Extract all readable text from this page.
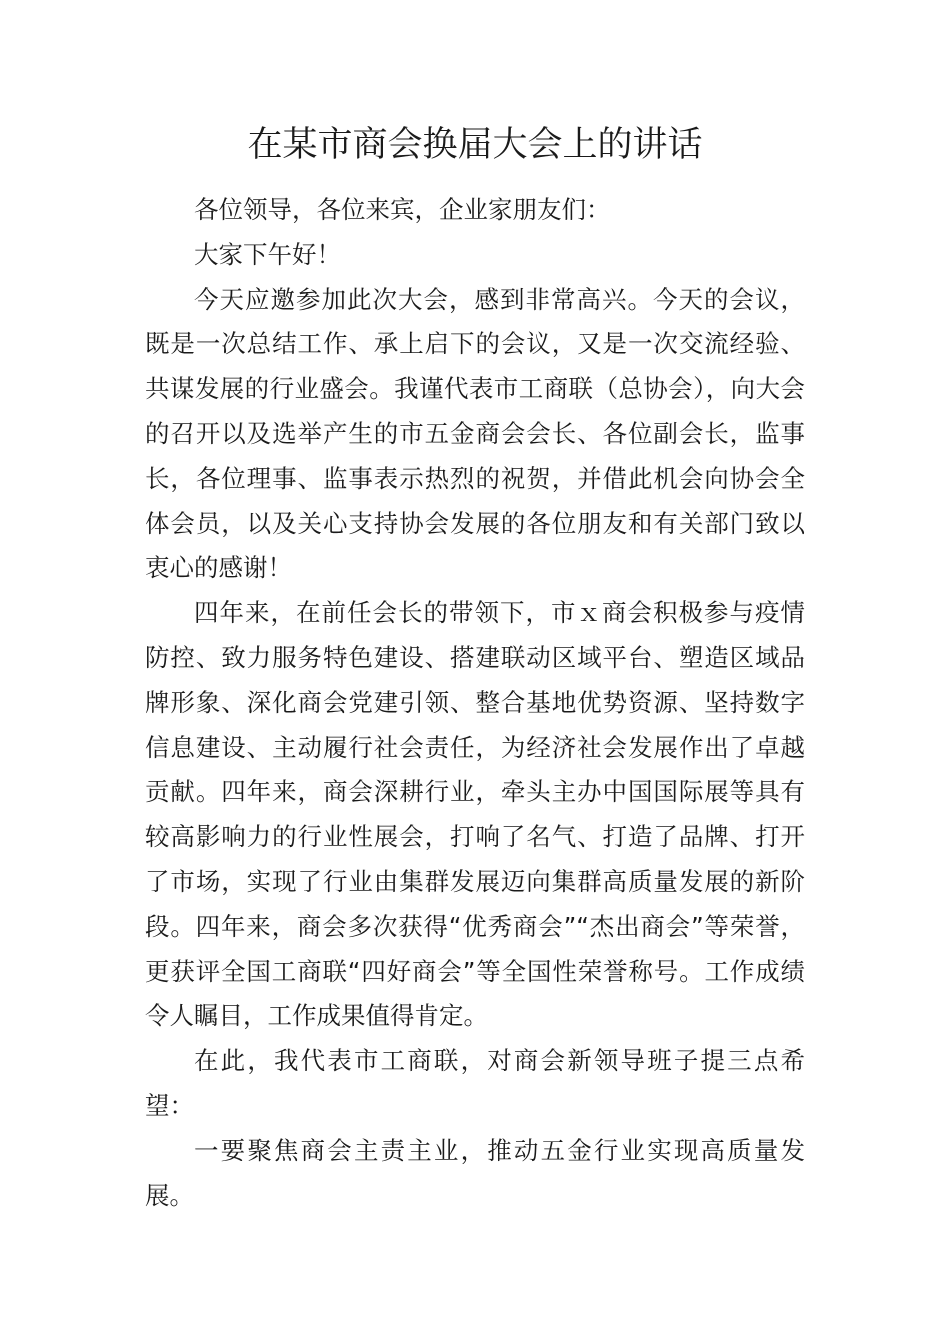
在某市商会换届大会上的讲话

各位领导，各位来宾，企业家朋友们：

大家下午好！

今天应邀参加此次大会，感到非常高兴。今天的会议，既是一次总结工作、承上启下的会议，又是一次交流经验、共谋发展的行业盛会。我谨代表市工商联（总协会），向大会的召开以及选举产生的市五金商会会长、各位副会长，监事长，各位理事、监事表示热烈的祝贺，并借此机会向协会全体会员，以及关心支持协会发展的各位朋友和有关部门致以衷心的感谢！

四年来，在前任会长的带领下，市ｘ商会积极参与疫情防控、致力服务特色建设、搭建联动区域平台、塑造区域品牌形象、深化商会党建引领、整合基地优势资源、坚持数字信息建设、主动履行社会责任，为经济社会发展作出了卓越贡献。四年来，商会深耕行业，牵头主办中国国际展等具有较高影响力的行业性展会，打响了名气、打造了品牌、打开了市场，实现了行业由集群发展迈向集群高质量发展的新阶段。四年来，商会多次获得“优秀商会”“杰出商会”等荣誉，更获评全国工商联“四好商会”等全国性荣誉称号。工作成绩令人瞩目，工作成果值得肯定。

在此，我代表市工商联，对商会新领导班子提三点希望：

一要聚焦商会主责主业，推动五金行业实现高质量发展。
